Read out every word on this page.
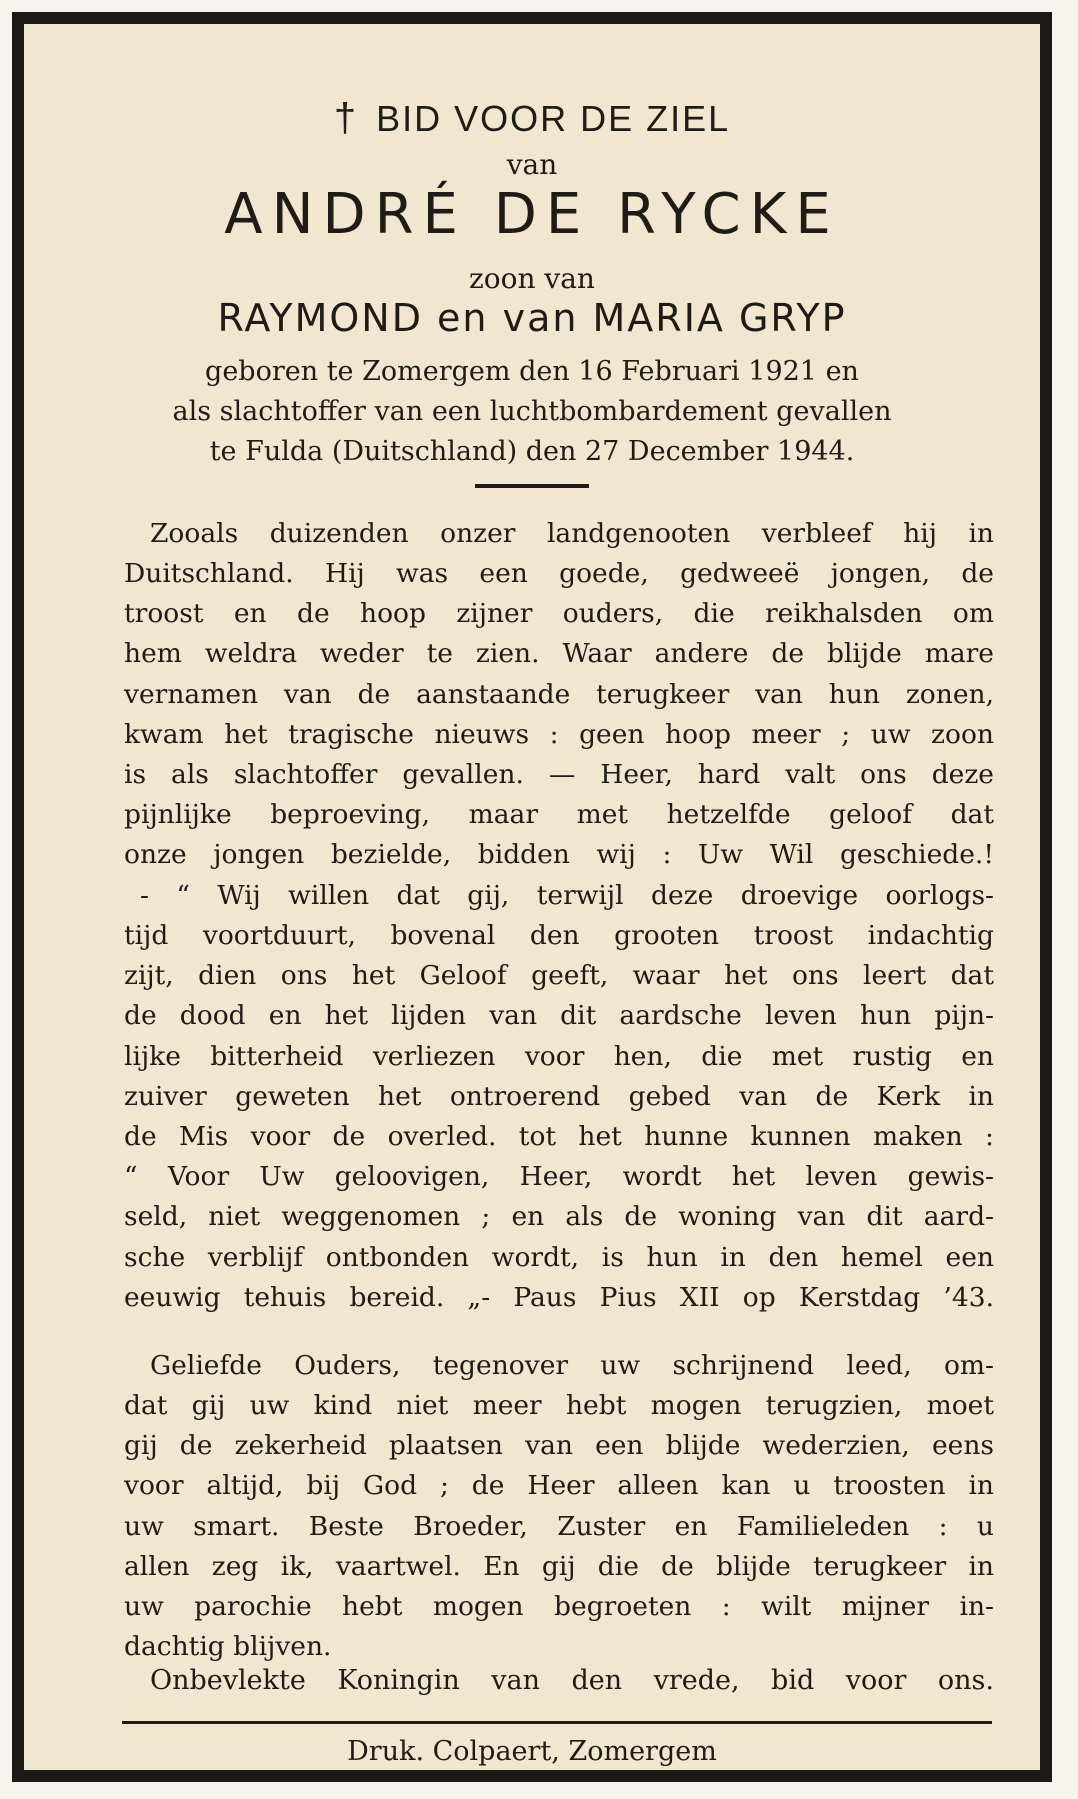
† BID VOOR DE ZIEL
van
ANDRÉ DE RYCKE
zoon van
RAYMOND en van MARIA GRYP
geboren te Zomergem den 16 Februari 1921 en
als slachtoffer van een luchtbombardement gevallen
te Fulda (Duitschland) den 27 December 1944.
Zooals duizenden onzer landgenooten verbleef hij in
Duitschland. Hij was een goede, gedweeë jongen, de
troost en de hoop zijner ouders, die reikhalsden om
hem weldra weder te zien. Waar andere de blijde mare
vernamen van de aanstaande terugkeer van hun zonen,
kwam het tragische nieuws : geen hoop meer ; uw zoon
is als slachtoffer gevallen. — Heer, hard valt ons deze
pijnlijke beproeving, maar met hetzelfde geloof dat
onze jongen bezielde, bidden wij : Uw Wil geschiede.!
- “ Wij willen dat gij, terwijl deze droevige oorlogs-
tijd voortduurt, bovenal den grooten troost indachtig
zijt, dien ons het Geloof geeft, waar het ons leert dat
de dood en het lijden van dit aardsche leven hun pijn-
lijke bitterheid verliezen voor hen, die met rustig en
zuiver geweten het ontroerend gebed van de Kerk in
de Mis voor de overled. tot het hunne kunnen maken :
“ Voor Uw geloovigen, Heer, wordt het leven gewis-
seld, niet weggenomen ; en als de woning van dit aard-
sche verblijf ontbonden wordt, is hun in den hemel een
eeuwig tehuis bereid. „- Paus Pius XII op Kerstdag ’43.
Geliefde Ouders, tegenover uw schrijnend leed, om-
dat gij uw kind niet meer hebt mogen terugzien, moet
gij de zekerheid plaatsen van een blijde wederzien, eens
voor altijd, bij God ; de Heer alleen kan u troosten in
uw smart. Beste Broeder, Zuster en Familieleden : u
allen zeg ik, vaartwel. En gij die de blijde terugkeer in
uw parochie hebt mogen begroeten : wilt mijner in-
dachtig blijven.
Onbevlekte Koningin van den vrede, bid voor ons.
Druk. Colpaert, Zomergem
